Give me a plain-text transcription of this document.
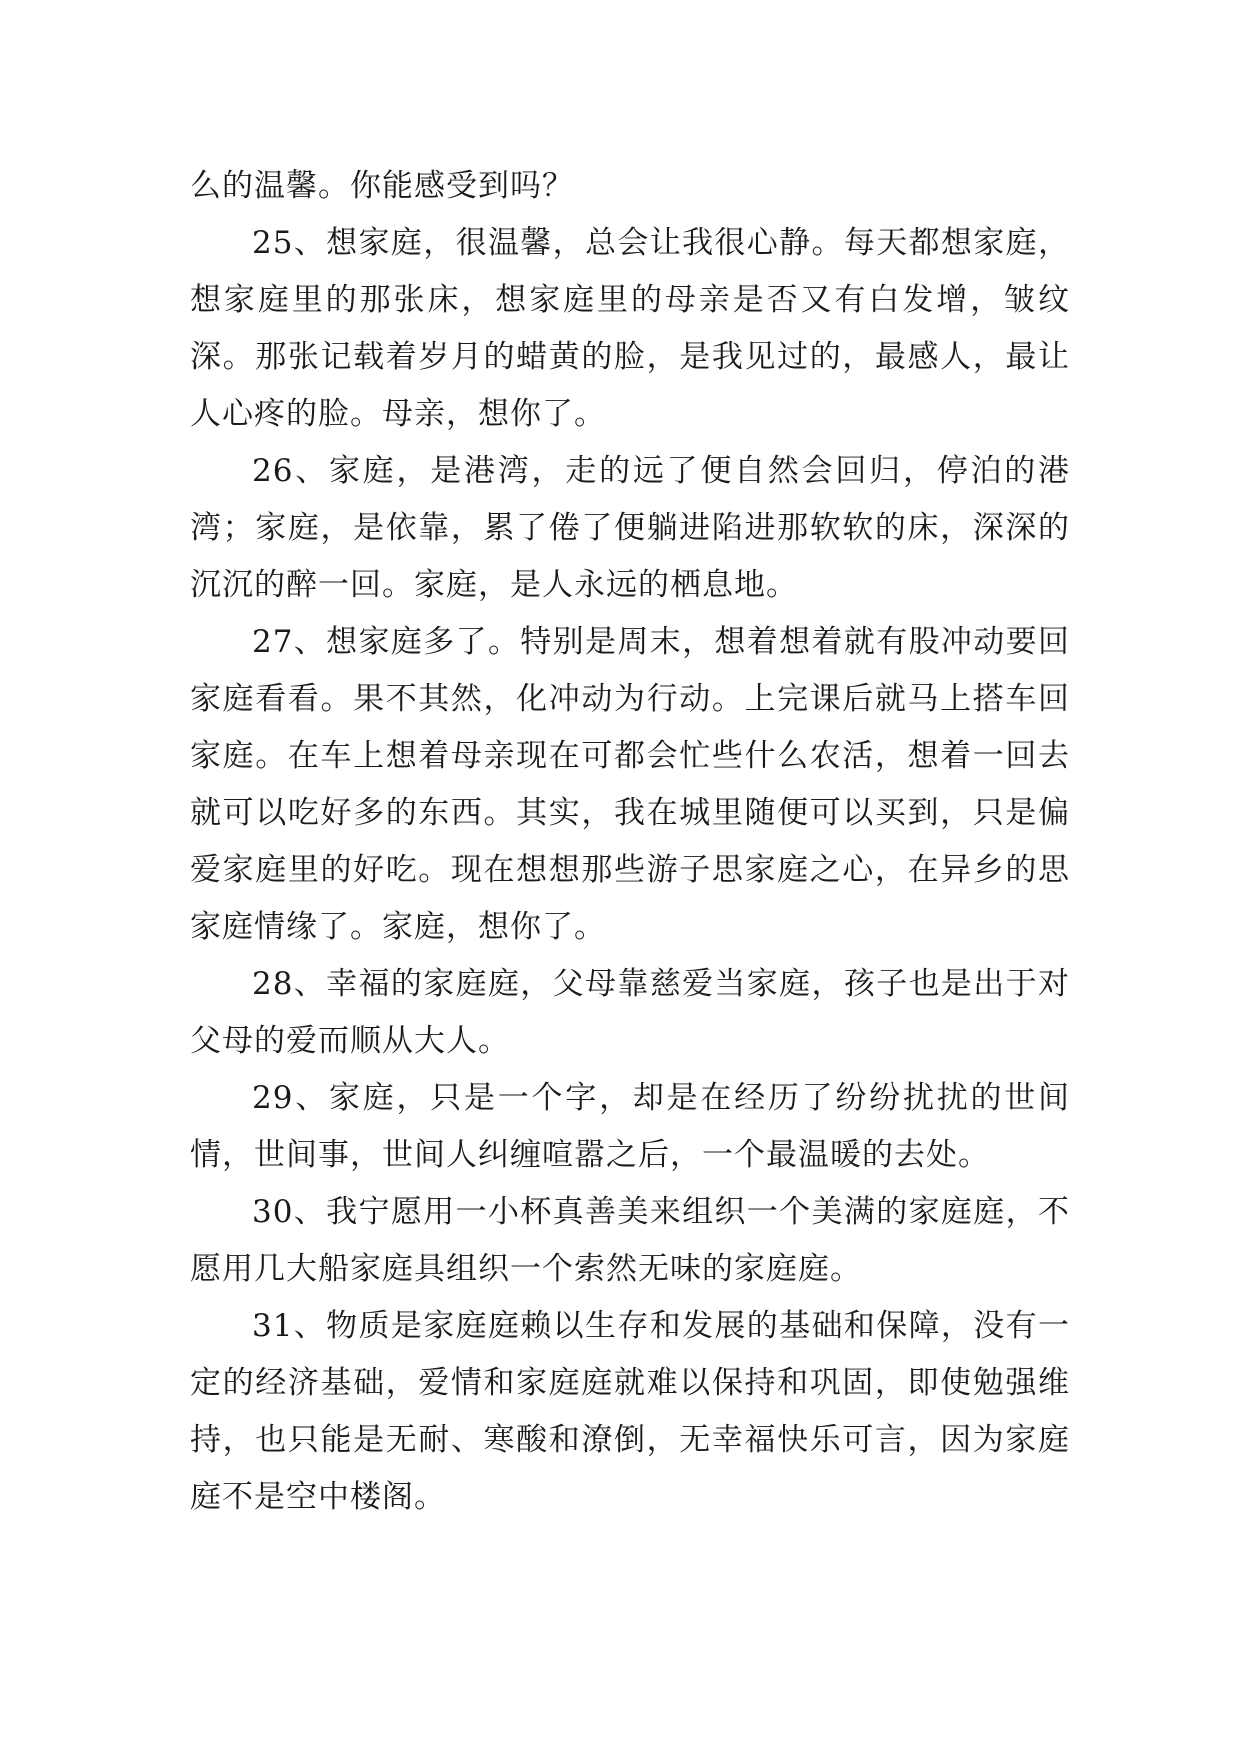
么的温馨。你能感受到吗？

25、想家庭，很温馨，总会让我很心静。每天都想家庭，想家庭里的那张床，想家庭里的母亲是否又有白发增，皱纹深。那张记载着岁月的蜡黄的脸，是我见过的，最感人，最让人心疼的脸。母亲，想你了。

26、家庭，是港湾，走的远了便自然会回归，停泊的港湾；家庭，是依靠，累了倦了便躺进陷进那软软的床，深深的沉沉的醉一回。家庭，是人永远的栖息地。

27、想家庭多了。特别是周末，想着想着就有股冲动要回家庭看看。果不其然，化冲动为行动。上完课后就马上搭车回家庭。在车上想着母亲现在可都会忙些什么农活，想着一回去就可以吃好多的东西。其实，我在城里随便可以买到，只是偏爱家庭里的好吃。现在想想那些游子思家庭之心，在异乡的思家庭情缘了。家庭，想你了。

28、幸福的家庭庭，父母靠慈爱当家庭，孩子也是出于对父母的爱而顺从大人。

29、家庭，只是一个字，却是在经历了纷纷扰扰的世间情，世间事，世间人纠缠喧嚣之后，一个最温暖的去处。

30、我宁愿用一小杯真善美来组织一个美满的家庭庭，不愿用几大船家庭具组织一个索然无味的家庭庭。

31、物质是家庭庭赖以生存和发展的基础和保障，没有一定的经济基础，爱情和家庭庭就难以保持和巩固，即使勉强维持，也只能是无耐、寒酸和潦倒，无幸福快乐可言，因为家庭庭不是空中楼阁。
